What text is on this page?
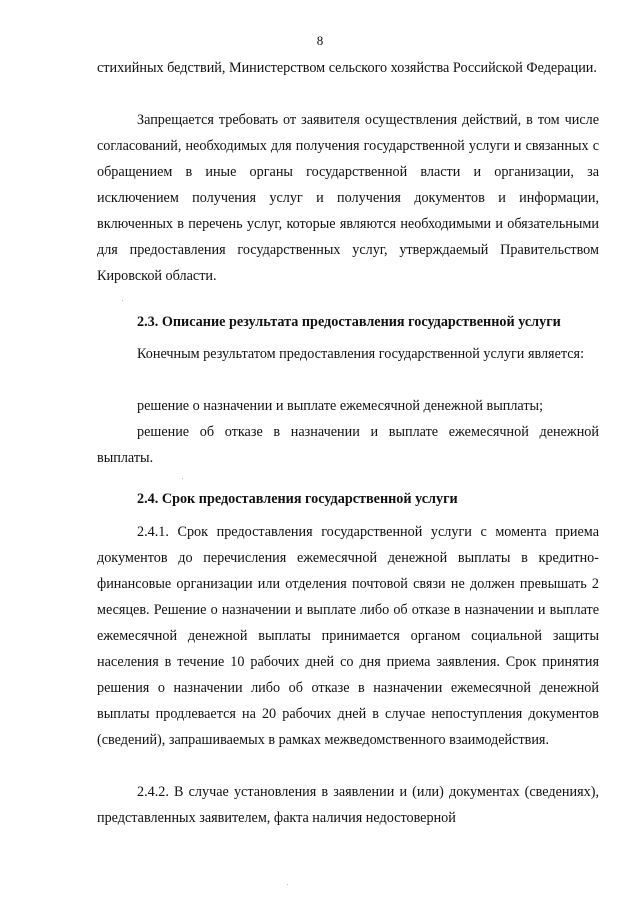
8
стихийных бедствий, Министерством сельского хозяйства Российской Федерации.
Запрещается требовать от заявителя осуществления действий, в том числе согласований, необходимых для получения государственной услуги и связанных с обращением в иные органы государственной власти и организации, за исключением получения услуг и получения документов и информации, включенных в перечень услуг, которые являются необходимыми и обязательными для предоставления государственных услуг, утверждаемый Правительством Кировской области.
2.3. Описание результата предоставления государственной услуги
Конечным результатом предоставления государственной услуги является:
решение о назначении и выплате ежемесячной денежной выплаты;
решение об отказе в назначении и выплате ежемесячной денежной выплаты.
2.4. Срок предоставления государственной услуги
2.4.1. Срок предоставления государственной услуги с момента приема документов до перечисления ежемесячной денежной выплаты в кредитно-финансовые организации или отделения почтовой связи не должен превышать 2 месяцев. Решение о назначении и выплате либо об отказе в назначении и выплате ежемесячной денежной выплаты принимается органом социальной защиты населения в течение 10 рабочих дней со дня приема заявления. Срок принятия решения о назначении либо об отказе в назначении ежемесячной денежной выплаты продлевается на 20 рабочих дней в случае непоступления документов (сведений), запрашиваемых в рамках межведомственного взаимодействия.
2.4.2. В случае установления в заявлении и (или) документах (сведениях), представленных заявителем, факта наличия недостоверной
